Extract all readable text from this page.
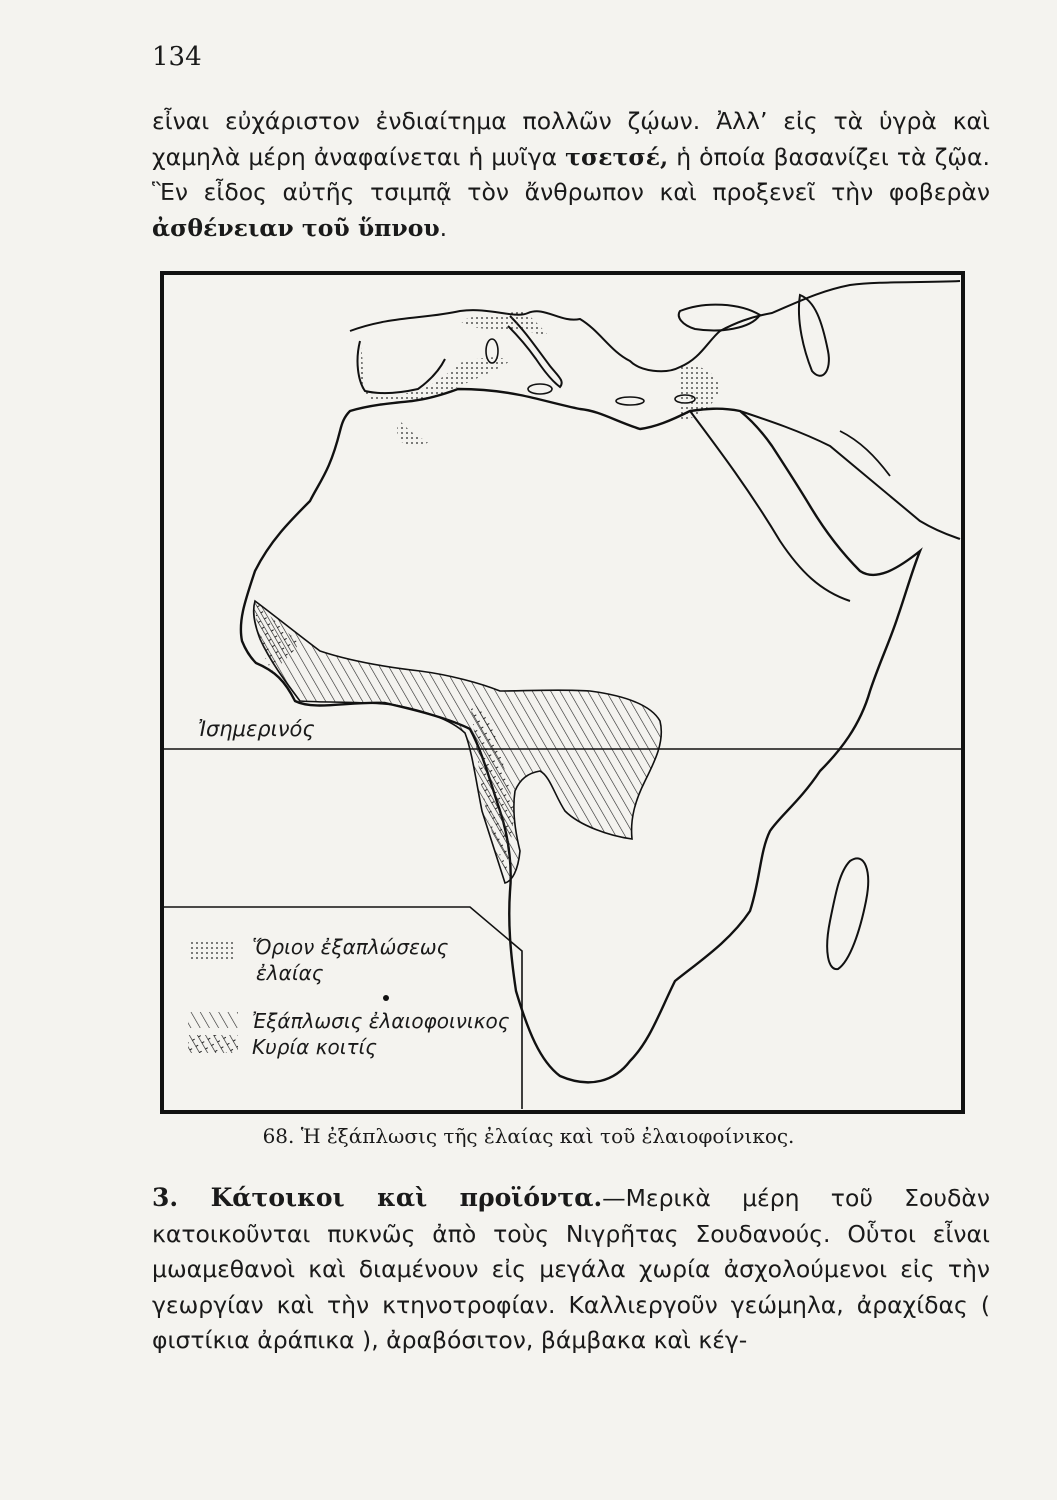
134
εἶναι εὐχάριστον ἐνδιαίτημα πολλῶν ζῴων. Ἀλλ’ εἰς τὰ ὑγρὰ καὶ χαμηλὰ μέρη ἀναφαίνεται ἡ μυῖγα τσετσέ, ἡ ὁποία βασανίζει τὰ ζῷα. Ἓν εἶδος αὐτῆς τσιμπᾷ τὸν ἄνθρωπον καὶ προξενεῖ τὴν φοβερὰν ἀσθένειαν τοῦ ὕπνου.
Ἰσημερινός
Ὅριον ἐξαπλώσεως
ἐλαίας
Ἐξάπλωσις ἐλαιοφοινικος
Κυρία κοιτίς
68. Ἡ ἐξάπλωσις τῆς ἐλαίας καὶ τοῦ ἐλαιοφοίνικος.
3. Κάτοικοι καὶ προϊόντα.—Μερικὰ μέρη τοῦ Σουδὰν κατοικοῦνται πυκνῶς ἀπὸ τοὺς Νιγρῆτας Σουδανούς. Οὗτοι εἶναι μωαμεθανοὶ καὶ διαμένουν εἰς μεγάλα χωρία ἀσχολούμενοι εἰς τὴν γεωργίαν καὶ τὴν κτηνοτροφίαν. Καλλιεργοῦν γεώμηλα, ἀραχίδας ( φιστίκια ἀράπικα ), ἀραβόσιτον, βάμβακα καὶ κέγ-
